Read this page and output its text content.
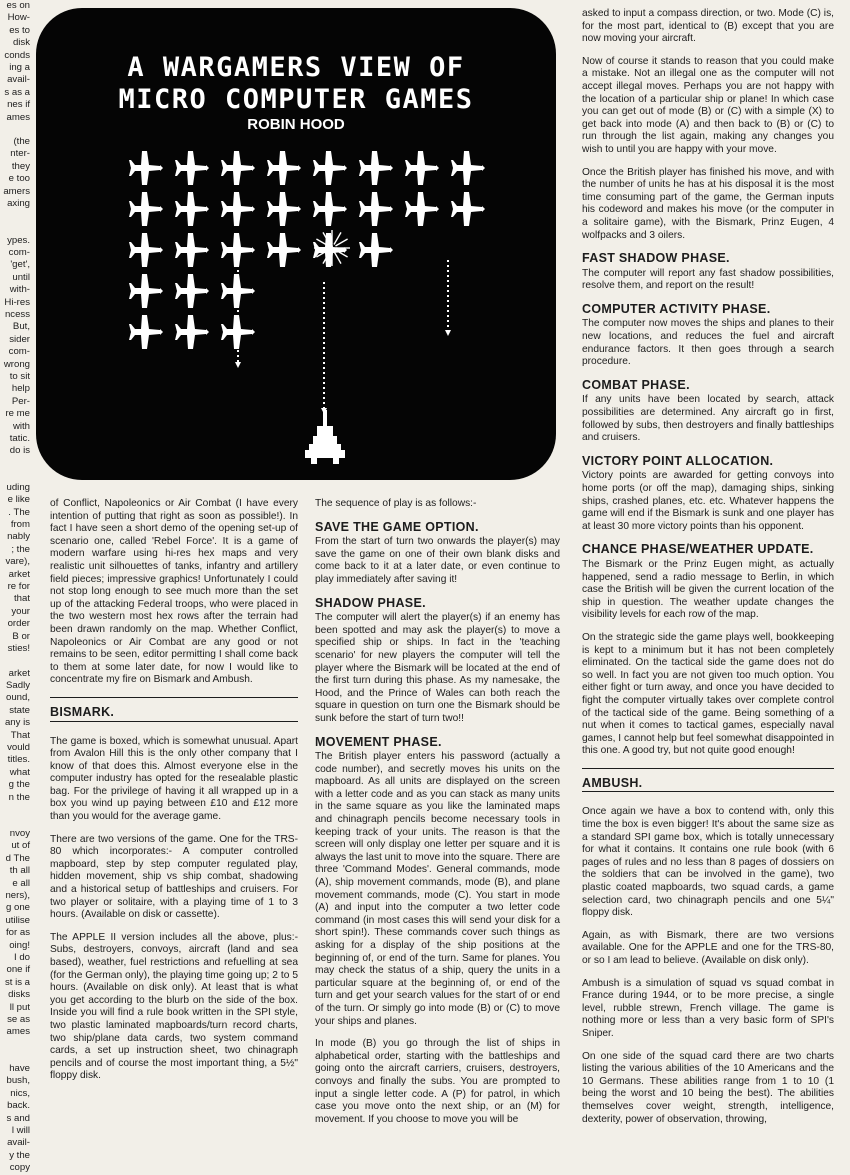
es on
How-
es to
disk
conds
ing a
avail-
s as a
nes if
ames
(the
nter-
they
e too
amers
axing
ypes.
com-
'get',
until
with-
Hi-res
ncess
But,
sider
com-
wrong
to sit
help
Per-
re me
with
tatic.
do is
uding
e like
. The
from
nably
; the
vare),
arket
re for
that
your
order
B or
sties!
arket
Sadly
ound,
state
any is
That
vould
titles.
what
g the
n the
nvoy
ut of
d The
th all
e all
ners),
g one
utilise
for as
oing!
I do
one if
st is a
disks
ll put
se as
ames
have
bush,
nics,
back.
s and
l will
avail-
y the
copy
A WARGAMERS VIEW OF
MICRO COMPUTER GAMES
ROBIN HOOD

of Conflict, Napoleonics or Air Combat (I have every intention of putting that right as soon as possible!). In fact I have seen a short demo of the opening set-up of scenario one, called 'Rebel Force'. It is a game of modern warfare using hi-res hex maps and very realistic unit silhouettes of tanks, infantry and artillery field pieces; impressive graphics! Unfortunately I could not stop long enough to see much more than the set up of the attacking Federal troops, who were placed in the two western most hex rows after the terrain had been drawn randomly on the map. Whether Conflict, Napoleonics or Air Combat are any good or not remains to be seen, editor permitting I shall come back to them at some later date, for now I would like to concentrate my fire on Bismark and Ambush.

BISMARK.

The game is boxed, which is somewhat unusual. Apart from Avalon Hill this is the only other company that I know of that does this. Almost everyone else in the computer industry has opted for the resealable plastic bag. For the privilege of having it all wrapped up in a box you wind up paying between £10 and £12 more than you would for the average game.

There are two versions of the game. One for the TRS-80 which incorporates:- A computer controlled mapboard, step by step computer regulated play, hidden movement, ship vs ship combat, shadowing and a historical setup of battleships and cruisers. For two player or solitaire, with a playing time of 1 to 3 hours. (Available on disk or cassette).

The APPLE II version includes all the above, plus:- Subs, destroyers, convoys, aircraft (land and sea based), weather, fuel restrictions and refuelling at sea (for the German only), the playing time going up; 2 to 5 hours. (Available on disk only). At least that is what you get according to the blurb on the side of the box. Inside you will find a rule book written in the SPI style, two plastic laminated mapboards/turn record charts, two ship/plane data cards, two system command cards, a set up instruction sheet, two chinagraph pencils and of course the most important thing, a 5½" floppy disk.

The sequence of play is as follows:-

SAVE THE GAME OPTION.

From the start of turn two onwards the player(s) may save the game on one of their own blank disks and come back to it at a later date, or even continue to play immediately after saving it!

SHADOW PHASE.

The computer will alert the player(s) if an enemy has been spotted and may ask the player(s) to move a specified ship or ships. In fact in the 'teaching scenario' for new players the computer will tell the player where the Bismark will be located at the end of the first turn during this phase. As my namesake, the Hood, and the Prince of Wales can both reach the square in question on turn one the Bismark should be sunk before the start of turn two!!

MOVEMENT PHASE.

The British player enters his password (actually a code number), and secretly moves his units on the mapboard. As all units are displayed on the screen with a letter code and as you can stack as many units in the same square as you like the laminated maps and chinagraph pencils become necessary tools in keeping track of your units. The reason is that the screen will only display one letter per square and it is always the last unit to move into the square. There are three 'Command Modes'. General commands, mode (A), ship movement commands, mode (B), and plane movement commands, mode (C). You start in mode (A) and input into the computer a two letter code command (in most cases this will send your disk for a short spin!). These commands cover such things as asking for a display of the ship positions at the beginning of, or end of the turn. Same for planes. You may check the status of a ship, query the units in a particular square at the beginning of, or end of the turn and get your search values for the start of or end of the turn. Or simply go into mode (B) or (C) to move your ships and planes.

In mode (B) you go through the list of ships in alphabetical order, starting with the battleships and going onto the aircraft carriers, cruisers, destroyers, convoys and finally the subs. You are prompted to input a single letter code. A (P) for patrol, in which case you move onto the next ship, or an (M) for movement. If you choose to move you will be

asked to input a compass direction, or two. Mode (C) is, for the most part, identical to (B) except that you are now moving your aircraft.

Now of course it stands to reason that you could make a mistake. Not an illegal one as the computer will not accept illegal moves. Perhaps you are not happy with the location of a particular ship or plane! In which case you can get out of mode (B) or (C) with a simple (X) to get back into mode (A) and then back to (B) or (C) to run through the list again, making any changes you wish to until you are happy with your move.

Once the British player has finished his move, and with the number of units he has at his disposal it is the most time consuming part of the game, the German inputs his codeword and makes his move (or the computer in a solitaire game), with the Bismark, Prinz Eugen, 4 wolfpacks and 3 oilers.

FAST SHADOW PHASE.

The computer will report any fast shadow possibilities, resolve them, and report on the result!

COMPUTER ACTIVITY PHASE.

The computer now moves the ships and planes to their new locations, and reduces the fuel and aircraft endurance factors. It then goes through a search procedure.

COMBAT PHASE.

If any units have been located by search, attack possibilities are determined. Any aircraft go in first, followed by subs, then destroyers and finally battleships and cruisers.

VICTORY POINT ALLOCATION.

Victory points are awarded for getting convoys into home ports (or off the map), damaging ships, sinking ships, crashed planes, etc. etc. Whatever happens the game will end if the Bismark is sunk and one player has at least 30 more victory points than his opponent.

CHANCE PHASE/WEATHER UPDATE.

The Bismark or the Prinz Eugen might, as actually happened, send a radio message to Berlin, in which case the British will be given the current location of the ship in question. The weather update changes the visibility levels for each row of the map.

On the strategic side the game plays well, bookkeeping is kept to a minimum but it has not been completely eliminated. On the tactical side the game does not do so well. In fact you are not given too much option. You either fight or turn away, and once you have decided to fight the computer virtually takes over complete control of the tactical side of the game. Being something of a nut when it comes to tactical games, especially naval games, I cannot help but feel somewhat disappointed in this one. A good try, but not quite good enough!

AMBUSH.

Once again we have a box to contend with, only this time the box is even bigger! It's about the same size as a standard SPI game box, which is totally unnecessary for what it contains. It contains one rule book (with 6 pages of rules and no less than 8 pages of dossiers on the soldiers that can be involved in the game), two plastic coated mapboards, two squad cards, a game selection card, two chinagraph pencils and one 5¼" floppy disk.

Again, as with Bismark, there are two versions available. One for the APPLE and one for the TRS-80, or so I am lead to believe. (Available on disk only).

Ambush is a simulation of squad vs squad combat in France during 1944, or to be more precise, a single level, rubble strewn, French village. The game is nothing more or less than a very basic form of SPI's Sniper.

On one side of the squad card there are two charts listing the various abilities of the 10 Americans and the 10 Germans. These abilities range from 1 to 10 (1 being the worst and 10 being the best). The abilities themselves cover weight, strength, intelligence, dexterity, power of observation, throwing,
